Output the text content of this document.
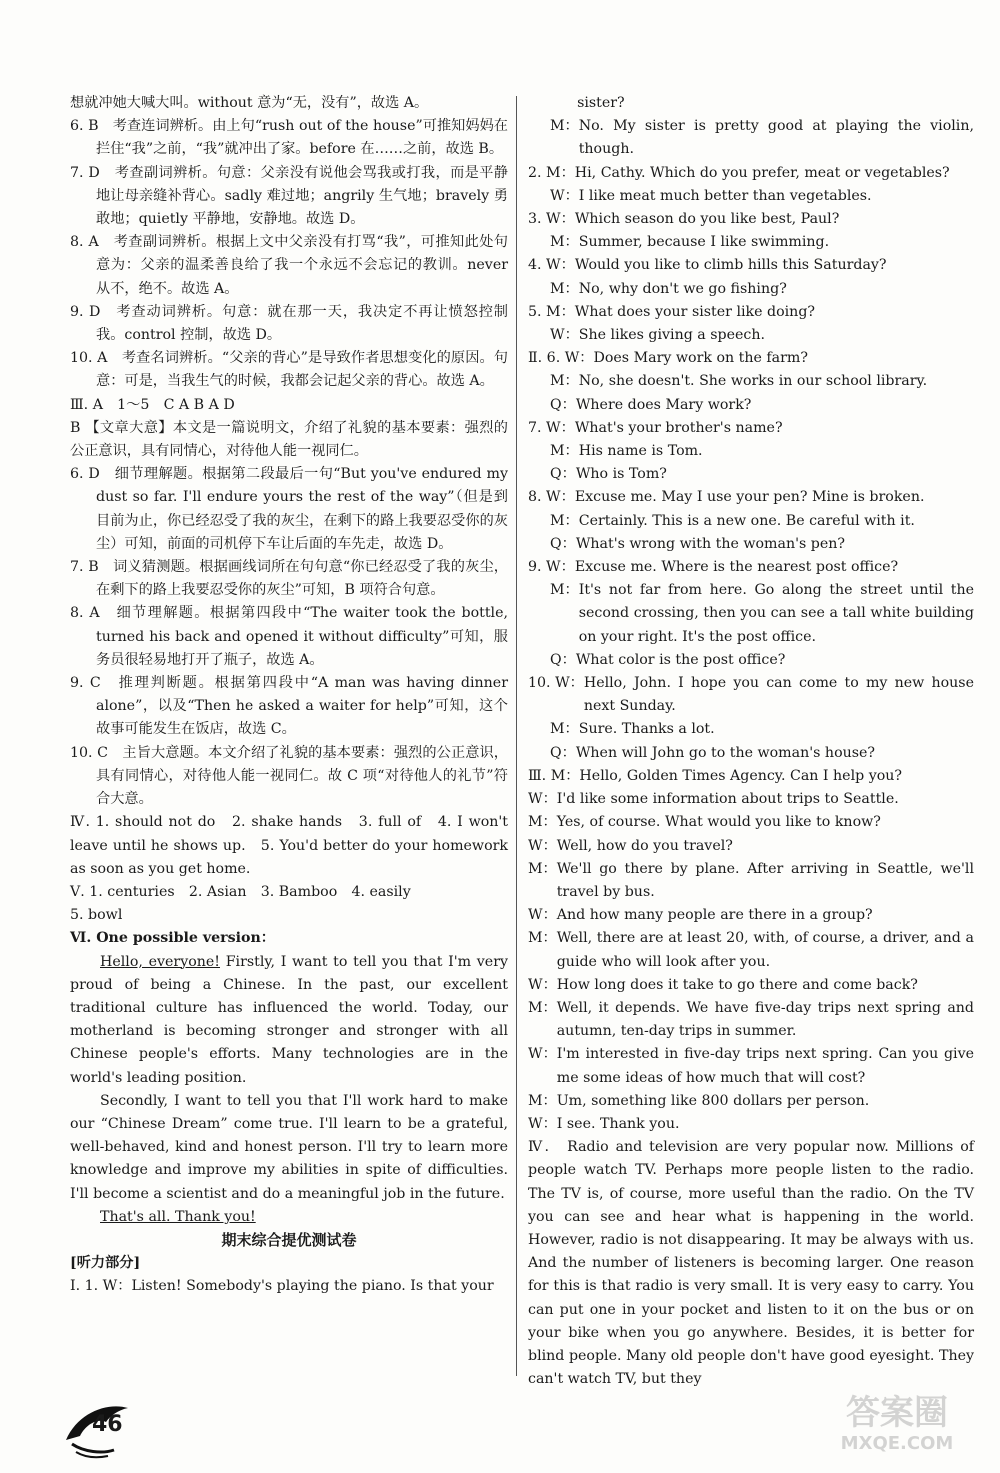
想就冲她大喊大叫。without 意为“无，没有”，故选 A。

6. B　考查连词辨析。由上句“rush out of the house”可推知妈妈在拦住“我”之前，“我”就冲出了家。before 在……之前，故选 B。

7. D　考查副词辨析。句意：父亲没有说他会骂我或打我，而是平静地让母亲缝补背心。sadly 难过地；angrily 生气地；bravely 勇敢地；quietly 平静地，安静地。故选 D。

8. A　考查副词辨析。根据上文中父亲没有打骂“我”，可推知此处句意为：父亲的温柔善良给了我一个永远不会忘记的教训。never 从不，绝不。故选 A。

9. D　考查动词辨析。句意：就在那一天，我决定不再让愤怒控制我。control 控制，故选 D。

10. A　考查名词辨析。“父亲的背心”是导致作者思想变化的原因。句意：可是，当我生气的时候，我都会记起父亲的背心。故选 A。

Ⅲ. A　1～5　C A B A D

B 【文章大意】本文是一篇说明文，介绍了礼貌的基本要素：强烈的公正意识，具有同情心，对待他人能一视同仁。

6. D　细节理解题。根据第二段最后一句“But you've endured my dust so far. I'll endure yours the rest of the way”（但是到目前为止，你已经忍受了我的灰尘，在剩下的路上我要忍受你的灰尘）可知，前面的司机停下车让后面的车先走，故选 D。

7. B　词义猜测题。根据画线词所在句句意“你已经忍受了我的灰尘，在剩下的路上我要忍受你的灰尘”可知，B 项符合句意。

8. A　细节理解题。根据第四段中“The waiter took the bottle, turned his back and opened it without difficulty”可知，服务员很轻易地打开了瓶子，故选 A。

9. C　推理判断题。根据第四段中“A man was having dinner alone”，以及“Then he asked a waiter for help”可知，这个故事可能发生在饭店，故选 C。

10. C　主旨大意题。本文介绍了礼貌的基本要素：强烈的公正意识，具有同情心，对待他人能一视同仁。故 C 项“对待他人的礼节”符合大意。

Ⅳ. 1. should not do　2. shake hands　3. full of　4. I won't leave until he shows up.　5. You'd better do your homework as soon as you get home.

Ⅴ. 1. centuries　2. Asian　3. Bamboo　4. easily

5. bowl

Ⅵ. One possible version：

Hello, everyone! Firstly, I want to tell you that I'm very proud of being a Chinese. In the past, our excellent traditional culture has influenced the world. Today, our motherland is becoming stronger and stronger with all Chinese people's efforts. Many technologies are in the world's leading position.

Secondly, I want to tell you that I'll work hard to make our “Chinese Dream” come true. I'll learn to be a grateful, well-behaved, kind and honest person. I'll try to learn more knowledge and improve my abilities in spite of difficulties. I'll become a scientist and do a meaningful job in the future.

That's all. Thank you!

期末综合提优测试卷

[听力部分]

Ⅰ. 1. W：Listen! Somebody's playing the piano. Is that your

sister?
M： No. My sister is pretty good at playing the violin, though.
2. M： Hi, Cathy. Which do you prefer, meat or vegetables?
W： I like meat much better than vegetables.
3. W： Which season do you like best, Paul?
M： Summer, because I like swimming.
4. W： Would you like to climb hills this Saturday?
M： No, why don't we go fishing?
5. M： What does your sister like doing?
W： She likes giving a speech.
Ⅱ. 6. W： Does Mary work on the farm?
M： No, she doesn't. She works in our school library.
Q： Where does Mary work?
7. W： What's your brother's name?
M： His name is Tom.
Q： Who is Tom?
8. W： Excuse me. May I use your pen? Mine is broken.
M： Certainly. This is a new one. Be careful with it.
Q： What's wrong with the woman's pen?
9. W： Excuse me. Where is the nearest post office?
M： It's not far from here. Go along the street until the second crossing, then you can see a tall white building on your right. It's the post office.
Q： What color is the post office?
10. W： Hello, John. I hope you can come to my new house next Sunday.
M： Sure. Thanks a lot.
Q： When will John go to the woman's house?
Ⅲ. M： Hello, Golden Times Agency. Can I help you?
W： I'd like some information about trips to Seattle.
M： Yes, of course. What would you like to know?
W： Well, how do you travel?
M： We'll go there by plane. After arriving in Seattle, we'll travel by bus.
W： And how many people are there in a group?
M： Well, there are at least 20, with, of course, a driver, and a guide who will look after you.
W： How long does it take to go there and come back?
M： Well, it depends. We have five-day trips next spring and autumn, ten-day trips in summer.
W： I'm interested in five-day trips next spring. Can you give me some ideas of how much that will cost?
M： Um, something like 800 dollars per person.
W： I see. Thank you.

Ⅳ. Radio and television are very popular now. Millions of people watch TV. Perhaps more people listen to the radio. The TV is, of course, more useful than the radio. On the TV you can see and hear what is happening in the world. However, radio is not disappearing. It may be always with us. And the number of listeners is becoming larger. One reason for this is that radio is very small. It is very easy to carry. You can put one in your pocket and listen to it on the bus or on your bike when you go anywhere. Besides, it is better for blind people. Many old people don't have good eyesight. They can't watch TV, but they

46	答案圈
MXQE.COM
